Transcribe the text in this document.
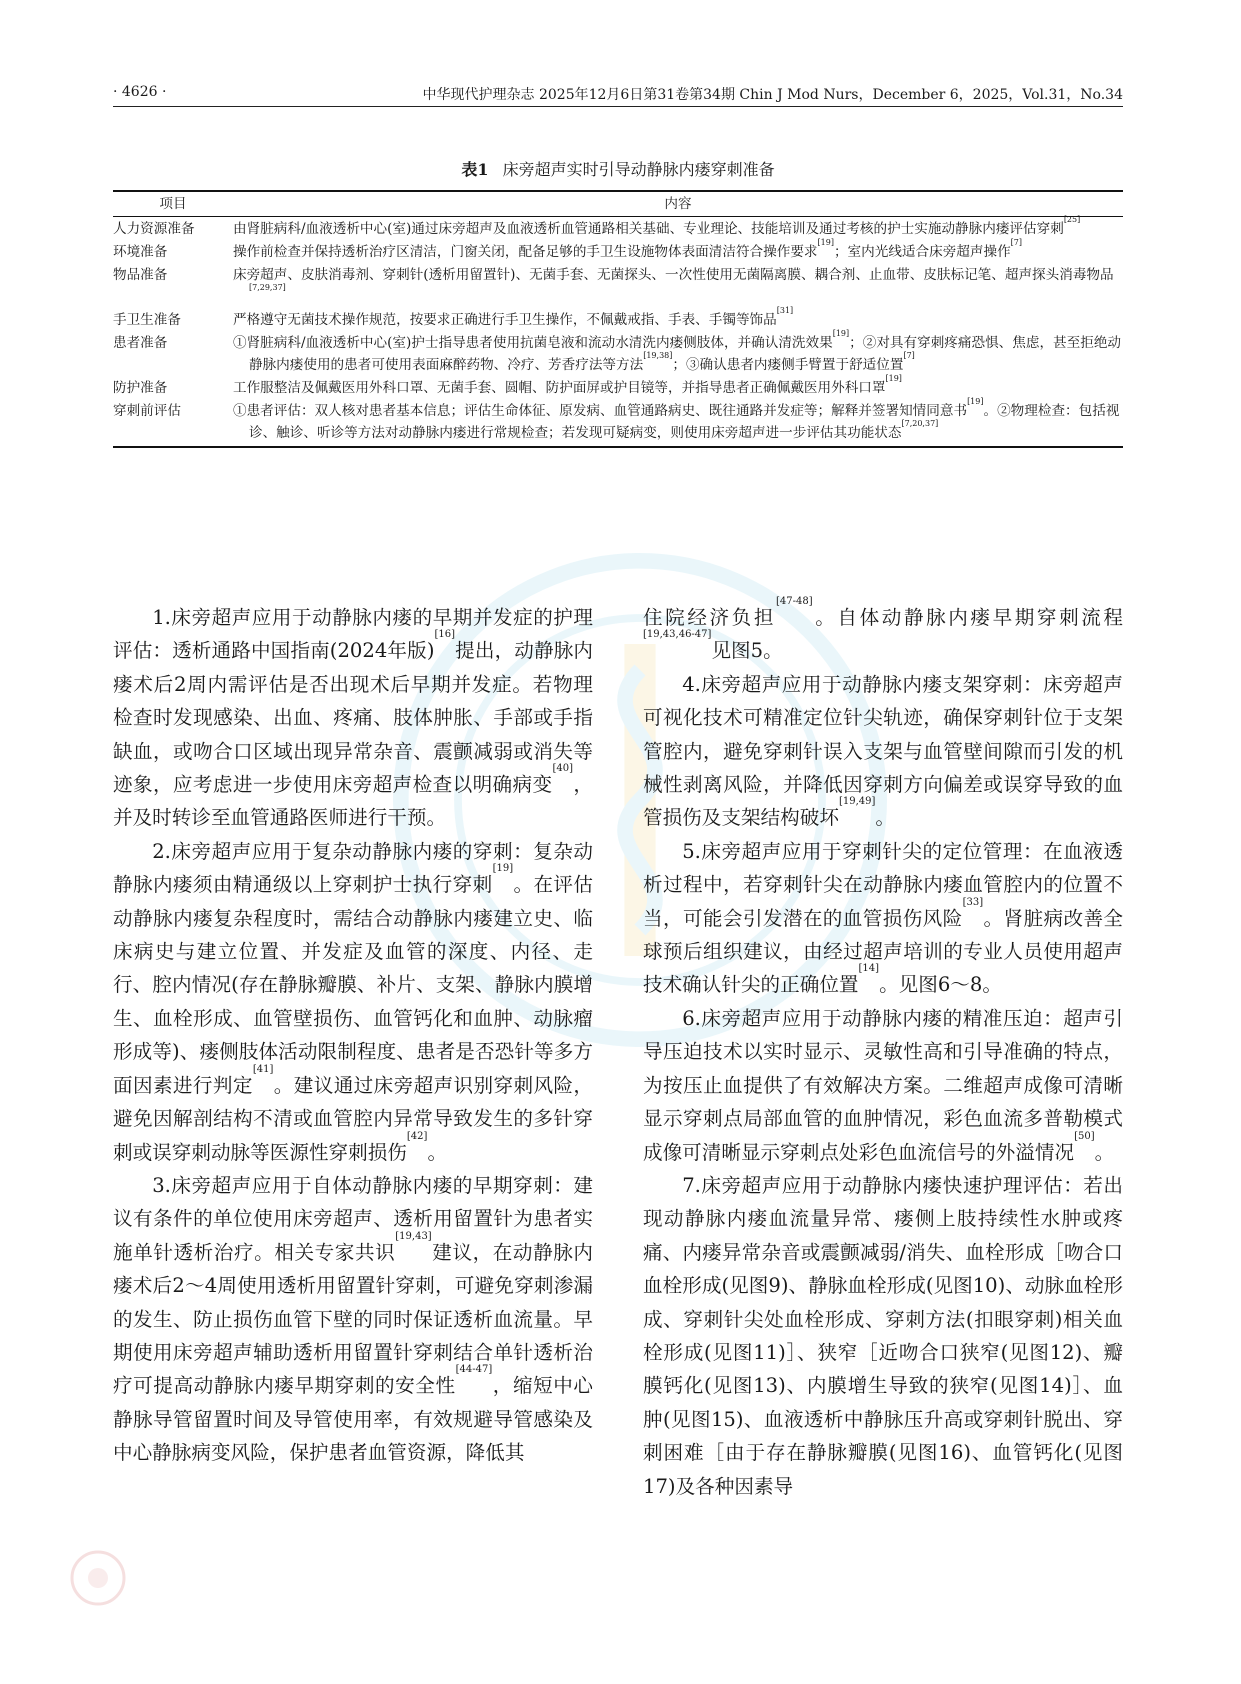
· 4626 ·	中华现代护理杂志 2025年12月6日第31卷第34期 Chin J Mod Nurs，December 6，2025，Vol.31，No.34
表1 床旁超声实时引导动静脉内瘘穿刺准备
项目	内容
人力资源准备	由肾脏病科/血液透析中心(室)通过床旁超声及血液透析血管通路相关基础、专业理论、技能培训及通过考核的护士实施动静脉内瘘评估穿刺[25]
环境准备	操作前检查并保持透析治疗区清洁，门窗关闭，配备足够的手卫生设施物体表面清洁符合操作要求[19]；室内光线适合床旁超声操作[7]
物品准备	床旁超声、皮肤消毒剂、穿刺针(透析用留置针)、无菌手套、无菌探头、一次性使用无菌隔离膜、耦合剂、止血带、皮肤标记笔、超声探头消毒物品[7,29,37]
手卫生准备	严格遵守无菌技术操作规范，按要求正确进行手卫生操作，不佩戴戒指、手表、手镯等饰品[31]
患者准备	①肾脏病科/血液透析中心(室)护士指导患者使用抗菌皂液和流动水清洗内瘘侧肢体，并确认清洗效果[19]；②对具有穿刺疼痛恐惧、焦虑，甚至拒绝动静脉内瘘使用的患者可使用表面麻醉药物、冷疗、芳香疗法等方法[19,38]；③确认患者内瘘侧手臂置于舒适位置[7]
防护准备	工作服整洁及佩戴医用外科口罩、无菌手套、圆帽、防护面屏或护目镜等，并指导患者正确佩戴医用外科口罩[19]
穿刺前评估	①患者评估：双人核对患者基本信息；评估生命体征、原发病、血管通路病史、既往通路并发症等；解释并签署知情同意书[19]。②物理检查：包括视诊、触诊、听诊等方法对动静脉内瘘进行常规检查；若发现可疑病变，则使用床旁超声进一步评估其功能状态[7,20,37]

1.床旁超声应用于动静脉内瘘的早期并发症的护理评估：透析通路中国指南(2024年版)[16]提出，动静脉内瘘术后2周内需评估是否出现术后早期并发症。若物理检查时发现感染、出血、疼痛、肢体肿胀、手部或手指缺血，或吻合口区域出现异常杂音、震颤减弱或消失等迹象，应考虑进一步使用床旁超声检查以明确病变[40]，并及时转诊至血管通路医师进行干预。

2.床旁超声应用于复杂动静脉内瘘的穿刺：复杂动静脉内瘘须由精通级以上穿刺护士执行穿刺[19]。在评估动静脉内瘘复杂程度时，需结合动静脉内瘘建立史、临床病史与建立位置、并发症及血管的深度、内径、走行、腔内情况(存在静脉瓣膜、补片、支架、静脉内膜增生、血栓形成、血管壁损伤、血管钙化和血肿、动脉瘤形成等)、瘘侧肢体活动限制程度、患者是否恐针等多方面因素进行判定[41]。建议通过床旁超声识别穿刺风险，避免因解剖结构不清或血管腔内异常导致发生的多针穿刺或误穿刺动脉等医源性穿刺损伤[42]。

3.床旁超声应用于自体动静脉内瘘的早期穿刺：建议有条件的单位使用床旁超声、透析用留置针为患者实施单针透析治疗。相关专家共识[19,43]建议，在动静脉内瘘术后2～4周使用透析用留置针穿刺，可避免穿刺渗漏的发生、防止损伤血管下壁的同时保证透析血流量。早期使用床旁超声辅助透析用留置针穿刺结合单针透析治疗可提高动静脉内瘘早期穿刺的安全性[44-47]，缩短中心静脉导管留置时间及导管使用率，有效规避导管感染及中心静脉病变风险，保护患者血管资源，降低其

住院经济负担[47-48]。自体动静脉内瘘早期穿刺流程[19,43,46-47]见图5。

4.床旁超声应用于动静脉内瘘支架穿刺：床旁超声可视化技术可精准定位针尖轨迹，确保穿刺针位于支架管腔内，避免穿刺针误入支架与血管壁间隙而引发的机械性剥离风险，并降低因穿刺方向偏差或误穿导致的血管损伤及支架结构破坏[19,49]。

5.床旁超声应用于穿刺针尖的定位管理：在血液透析过程中，若穿刺针尖在动静脉内瘘血管腔内的位置不当，可能会引发潜在的血管损伤风险[33]。肾脏病改善全球预后组织建议，由经过超声培训的专业人员使用超声技术确认针尖的正确位置[14]。见图6～8。

6.床旁超声应用于动静脉内瘘的精准压迫：超声引导压迫技术以实时显示、灵敏性高和引导准确的特点，为按压止血提供了有效解决方案。二维超声成像可清晰显示穿刺点局部血管的血肿情况，彩色血流多普勒模式成像可清晰显示穿刺点处彩色血流信号的外溢情况[50]。

7.床旁超声应用于动静脉内瘘快速护理评估：若出现动静脉内瘘血流量异常、瘘侧上肢持续性水肿或疼痛、内瘘异常杂音或震颤减弱/消失、血栓形成［吻合口血栓形成(见图9)、静脉血栓形成(见图10)、动脉血栓形成、穿刺针尖处血栓形成、穿刺方法(扣眼穿刺)相关血栓形成(见图11)］、狭窄［近吻合口狭窄(见图12)、瓣膜钙化(见图13)、内膜增生导致的狭窄(见图14)］、血肿(见图15)、血液透析中静脉压升高或穿刺针脱出、穿刺困难［由于存在静脉瓣膜(见图16)、血管钙化(见图17)及各种因素导
